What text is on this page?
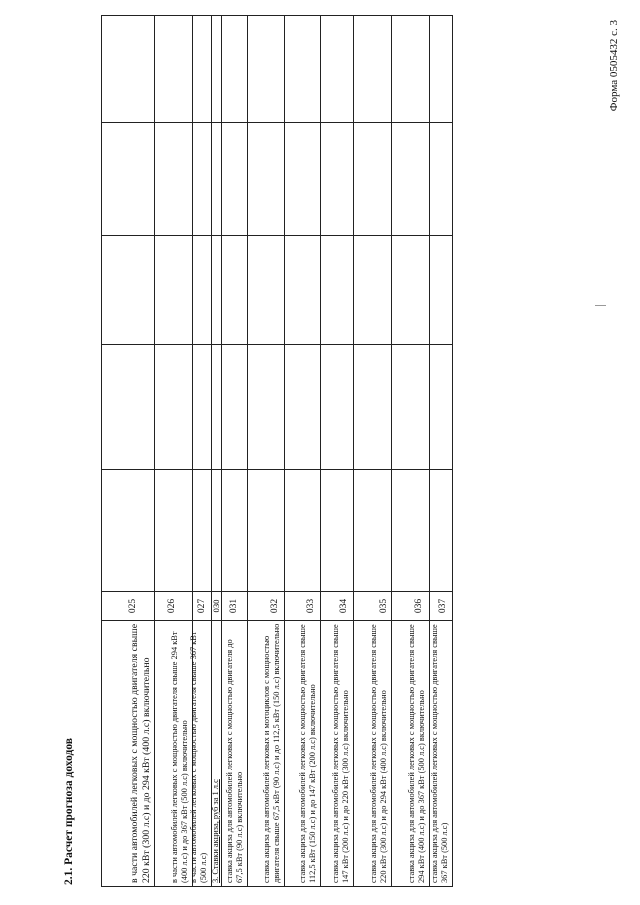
2.1. Расчет прогноза доходов
Форма 0505432 с. 3
в части автомобилей легковых с мощностью двигателя свыше 220 кВт (300 л.с) и до 294 кВт (400 л.с) включительно
025
в части автомобилей легковых с мощностью двигателя свыше 294 кВт (400 л.с) и до 367 кВт (500 л.с) включительно
026
в части автомобилей легковых с мощностью двигателя свыше 367 кВт (500 л.с)
027
3. Ставки акциза, руб за 1 л.с
030
ставка акциза для автомобилей легковых с мощностью двигателя до 67,5 кВт (90 л.с) включительно
031
ставка акциза для автомобилей легковых и мотоциклов с мощностью двигателя свыше 67,5 кВт (90 л.с) и до 112,5 кВт (150 л.с) включительно
032
ставка акциза для автомобилей легковых с мощностью двигателя свыше 112,5 кВт (150 л.с) и до 147 кВт (200 л.с) включительно
033
ставка акциза для автомобилей легковых с мощностью двигателя свыше 147 кВт (200 л.с) и до 220 кВт (300 л.с) включительно
034
ставка акциза для автомобилей легковых с мощностью двигателя свыше 220 кВт (300 л.с) и до 294 кВт (400 л.с) включительно
035
ставка акциза для автомобилей легковых с мощностью двигателя свыше 294 кВт (400 л.с) и до 367 кВт (500 л.с) включительно
036
ставка акциза для автомобилей легковых с мощностью двигателя свыше 367 кВт (500 л.с)
037
